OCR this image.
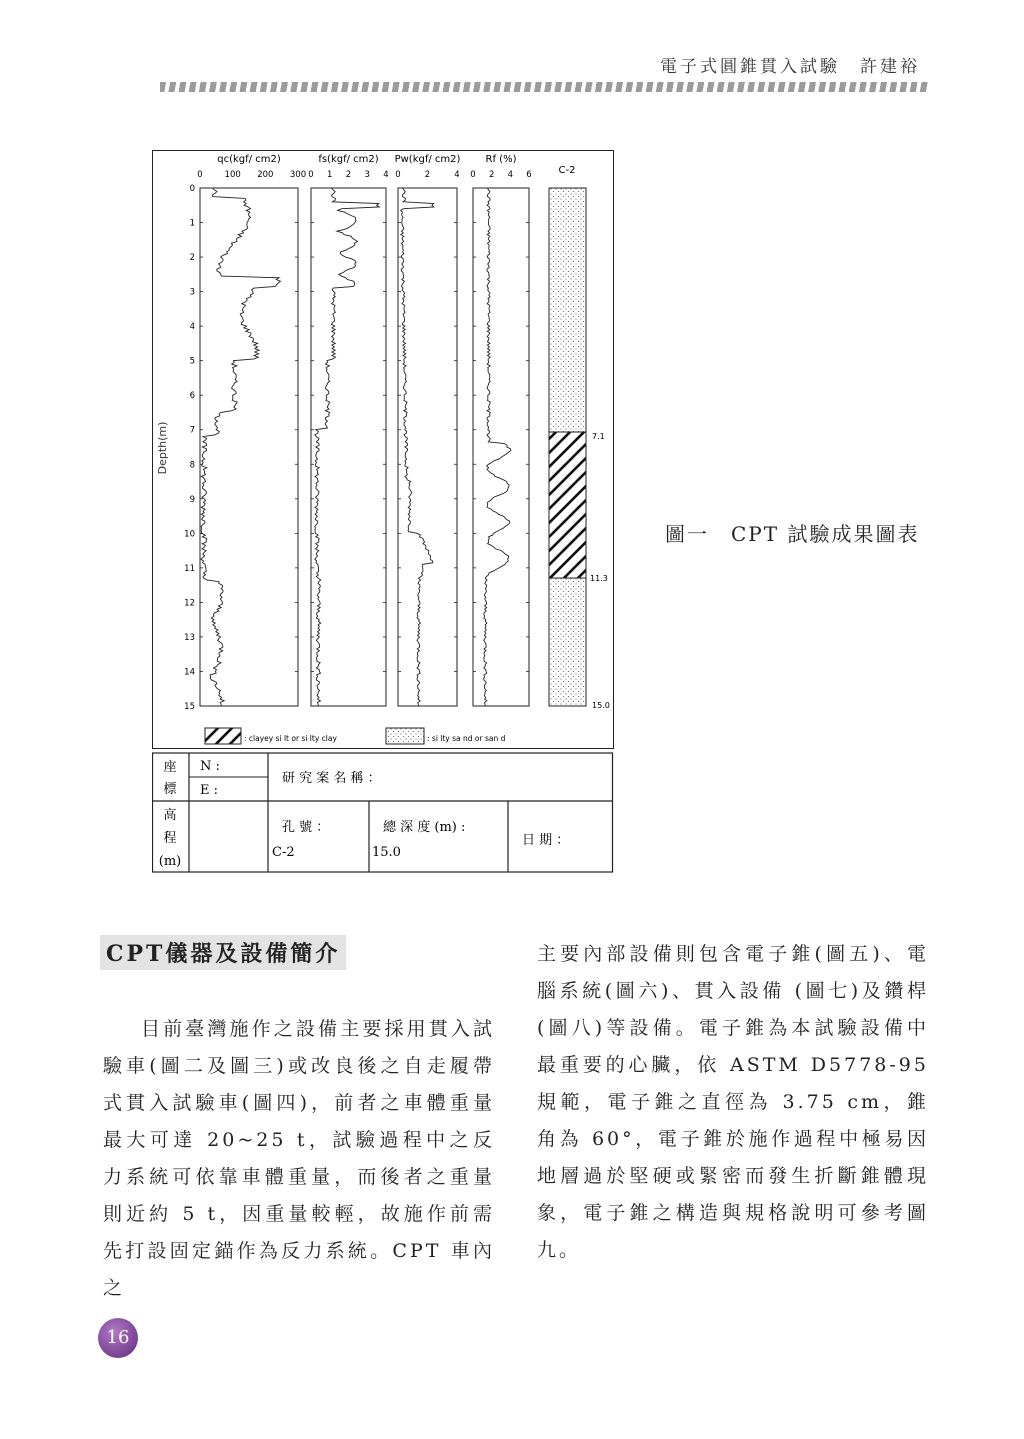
電子式圓錐貫入試驗　許建裕
qc(kgf/ cm2)
0	100 200 300
fs(kgf/ cm2)
0 1 2 3 4
Pw(kgf/ cm2)
0	2	4
Rf (%)
0 2 4 6
0
1
2
3
4
5
6
7
8
9
10
11
12
13
14
15
Depth(m)
C-2
7.1
11.3
15.0
: clayey si lt or si lty clay	: si lty sa nd or san d
座
標
N :
E :
研 究 案 名 稱 ：
高
程
(m)
孔 號 ：
C-2
總 深 度 (m) :
15.0
日 期 ：
圖一　CPT 試驗成果圖表
CPT儀器及設備簡介

目前臺灣施作之設備主要採用貫入試驗車(圖二及圖三)或改良後之自走履帶式貫入試驗車(圖四)，前者之車體重量最大可達 20~25 t，試驗過程中之反力系統可依靠車體重量，而後者之重量則近約 5 t，因重量較輕，故施作前需先打設固定錨作為反力系統。CPT 車內之

主要內部設備則包含電子錐(圖五)、電腦系統(圖六)、貫入設備 (圖七)及鑽桿(圖八)等設備。電子錐為本試驗設備中最重要的心臟，依 ASTM D5778-95 規範，電子錐之直徑為 3.75 cm，錐角為 60°，電子錐於施作過程中極易因地層過於堅硬或緊密而發生折斷錐體現象，電子錐之構造與規格說明可參考圖九。

16
